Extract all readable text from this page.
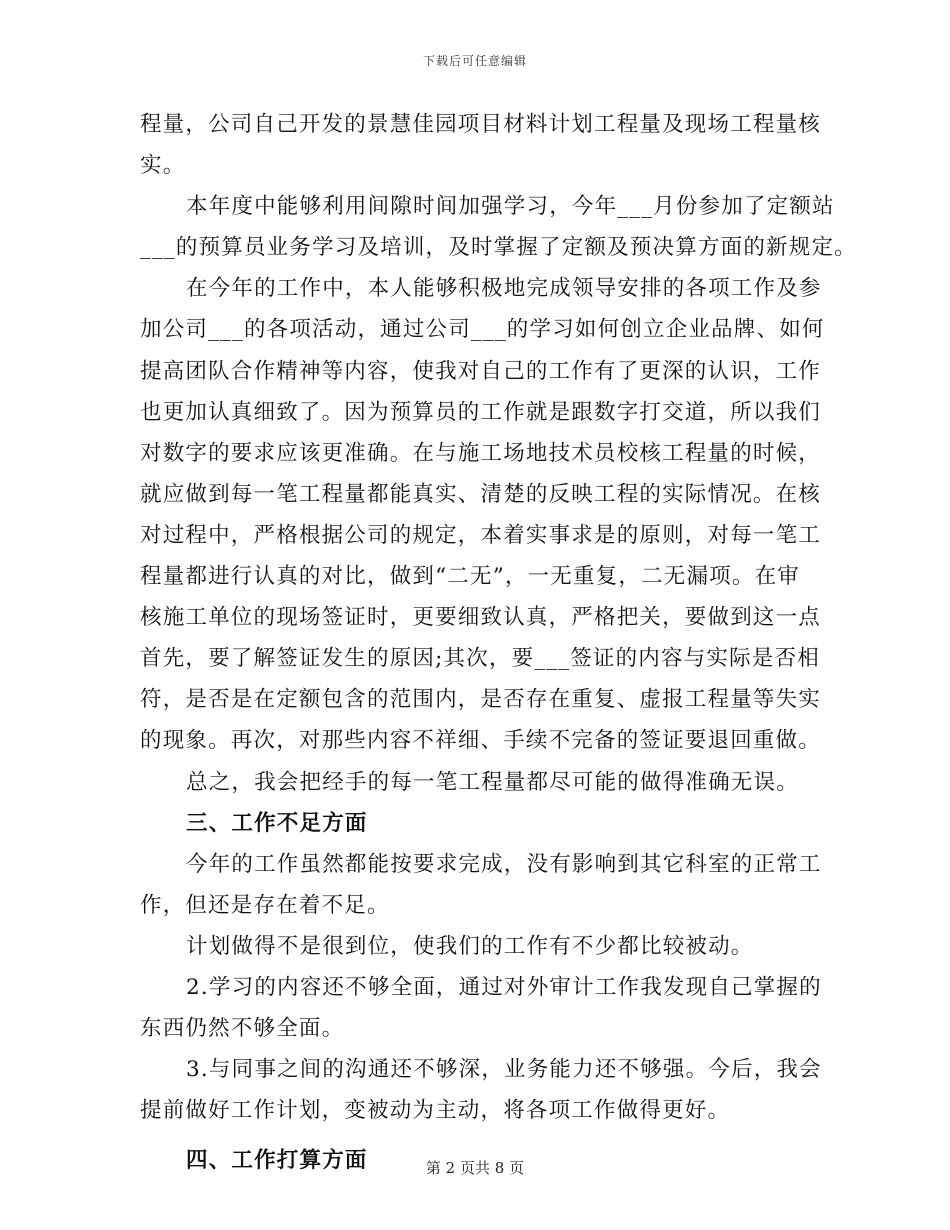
下载后可任意编辑
程量，公司自己开发的景慧佳园项目材料计划工程量及现场工程量核
实。
本年度中能够利用间隙时间加强学习，今年___月份参加了定额站
___的预算员业务学习及培训，及时掌握了定额及预决算方面的新规定。
在今年的工作中，本人能够积极地完成领导安排的各项工作及参
加公司___的各项活动，通过公司___的学习如何创立企业品牌、如何
提高团队合作精神等内容，使我对自己的工作有了更深的认识，工作
也更加认真细致了。因为预算员的工作就是跟数字打交道，所以我们
对数字的要求应该更准确。在与施工场地技术员校核工程量的时候，
就应做到每一笔工程量都能真实、清楚的反映工程的实际情况。在核
对过程中，严格根据公司的规定，本着实事求是的原则，对每一笔工
程量都进行认真的对比，做到“二无”，一无重复，二无漏项。在审
核施工单位的现场签证时，更要细致认真，严格把关，要做到这一点
首先，要了解签证发生的原因;其次，要___签证的内容与实际是否相
符，是否是在定额包含的范围内，是否存在重复、虚报工程量等失实
的现象。再次，对那些内容不祥细、手续不完备的签证要退回重做。
总之，我会把经手的每一笔工程量都尽可能的做得准确无误。
三、工作不足方面
今年的工作虽然都能按要求完成，没有影响到其它科室的正常工
作，但还是存在着不足。
计划做得不是很到位，使我们的工作有不少都比较被动。
2.学习的内容还不够全面，通过对外审计工作我发现自己掌握的
东西仍然不够全面。
3.与同事之间的沟通还不够深，业务能力还不够强。今后，我会
提前做好工作计划，变被动为主动，将各项工作做得更好。
四、工作打算方面	第 2 页共 8 页
